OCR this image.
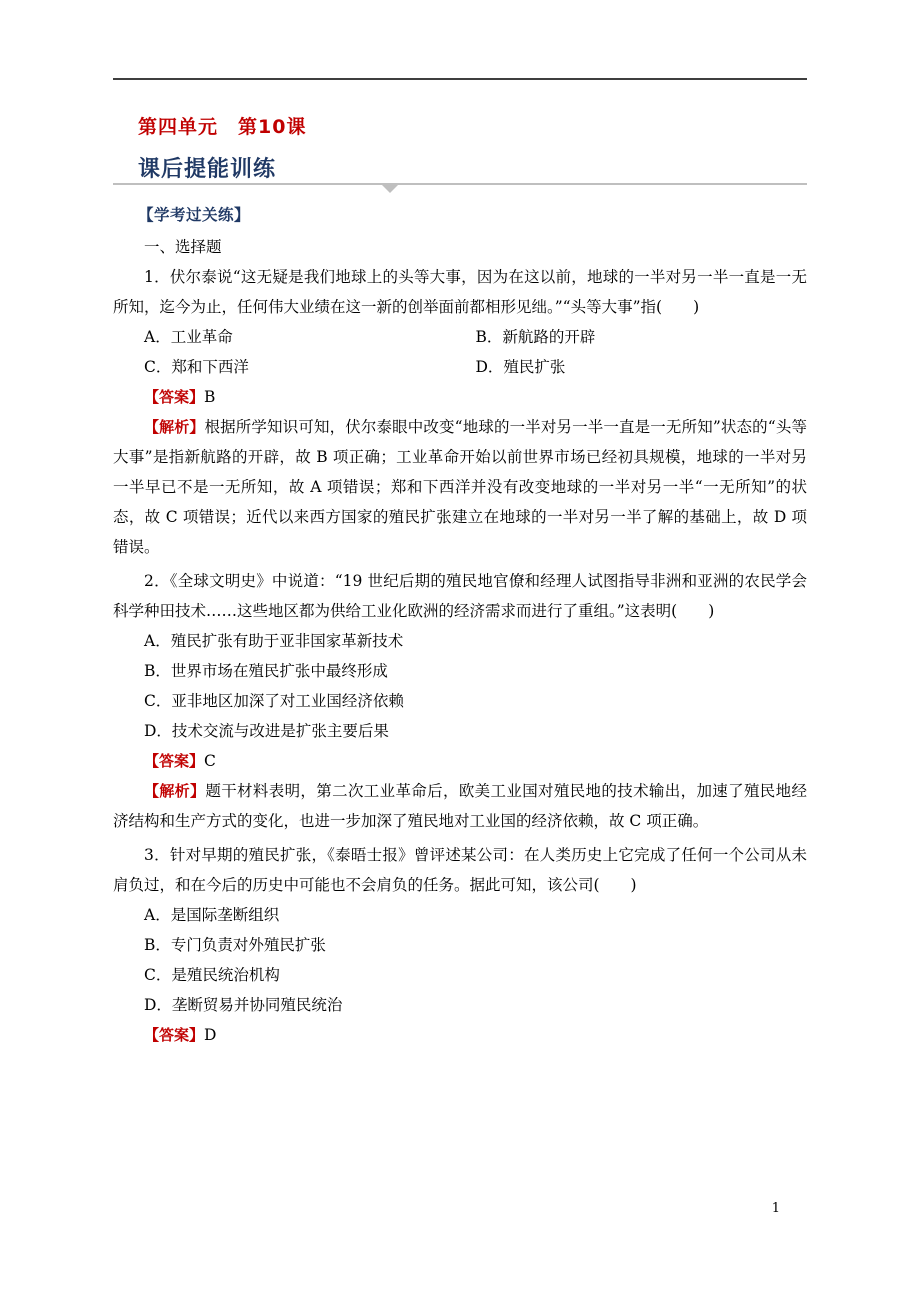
第四单元 第10课
课后提能训练
【学考过关练】

一、选择题

1．伏尔泰说“这无疑是我们地球上的头等大事，因为在这以前，地球的一半对另一半一直是一无所知，迄今为止，任何伟大业绩在这一新的创举面前都相形见绌。”“头等大事”指(　　)

A．工业革命	B．新航路的开辟
C．郑和下西洋	D．殖民扩张

【答案】B

【解析】根据所学知识可知，伏尔泰眼中改变“地球的一半对另一半一直是一无所知”状态的“头等大事”是指新航路的开辟，故 B 项正确；工业革命开始以前世界市场已经初具规模，地球的一半对另一半早已不是一无所知，故 A 项错误；郑和下西洋并没有改变地球的一半对另一半“一无所知”的状态，故 C 项错误；近代以来西方国家的殖民扩张建立在地球的一半对另一半了解的基础上，故 D 项错误。

2．《全球文明史》中说道：“19 世纪后期的殖民地官僚和经理人试图指导非洲和亚洲的农民学会科学种田技术……这些地区都为供给工业化欧洲的经济需求而进行了重组。”这表明(　　)

A．殖民扩张有助于亚非国家革新技术

B．世界市场在殖民扩张中最终形成

C．亚非地区加深了对工业国经济依赖

D．技术交流与改进是扩张主要后果

【答案】C

【解析】题干材料表明，第二次工业革命后，欧美工业国对殖民地的技术输出，加速了殖民地经济结构和生产方式的变化，也进一步加深了殖民地对工业国的经济依赖，故 C 项正确。

3．针对早期的殖民扩张，《泰晤士报》曾评述某公司：在人类历史上它完成了任何一个公司从未肩负过，和在今后的历史中可能也不会肩负的任务。据此可知，该公司(　　)

A．是国际垄断组织

B．专门负责对外殖民扩张

C．是殖民统治机构

D．垄断贸易并协同殖民统治

【答案】D

1
